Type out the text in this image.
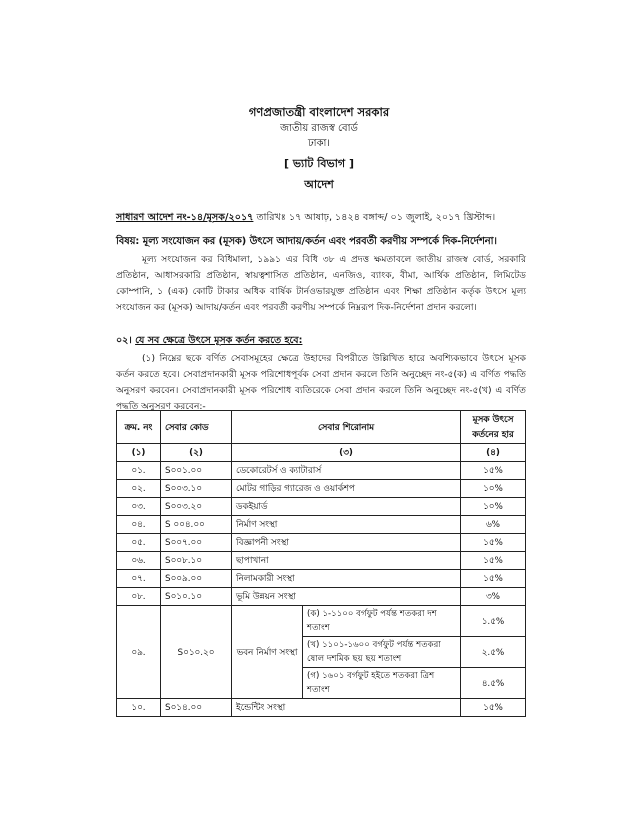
গণপ্রজাতন্ত্রী বাংলাদেশ সরকার
জাতীয় রাজস্ব বোর্ড
ঢাকা।
[ ভ্যাট বিভাগ ]
আদেশ
সাধারণ আদেশ নং-১৪/মূসক/২০১৭ তারিখঃ ১৭ আষাঢ়, ১৪২৪ বঙ্গাব্দ/ ০১ জুলাই, ২০১৭ খ্রিস্টাব্দ।
বিষয়: মূল্য সংযোজন কর (মূসক) উৎসে আদায়/কর্তন এবং পরবর্তী করণীয় সম্পর্কে দিক-নির্দেশনা।
মূল্য সংযোজন কর বিধিমালা, ১৯৯১ এর বিধি ৩৮ এ প্রদত্ত ক্ষমতাবলে জাতীয় রাজস্ব বোর্ড, সরকারি প্রতিষ্ঠান, আধাসরকারি প্রতিষ্ঠান, স্বায়ত্বশাসিত প্রতিষ্ঠান, এনজিও, ব্যাংক, বীমা, আর্থিক প্রতিষ্ঠান, লিমিটেড কোম্পানি, ১ (এক) কোটি টাকার অধিক বার্ষিক টার্নওভারযুক্ত প্রতিষ্ঠান এবং শিক্ষা প্রতিষ্ঠান কর্তৃক উৎসে মূল্য সংযোজন কর (মূসক) আদায়/কর্তন এবং পরবর্তী করণীয় সম্পর্কে নিম্নরূপ দিক-নির্দেশনা প্রদান করলো।
০২। যে সব ক্ষেত্রে উৎসে মূসক কর্তন করতে হবে:
(১) নিম্নের ছকে বর্ণিত সেবাসমূহের ক্ষেত্রে উহাদের বিপরীতে উল্লিখিত হারে অবশ্যিকভাবে উৎসে মূসক কর্তন করতে হবে। সেবাপ্রদানকারী মূসক পরিশোধপূর্বক সেবা প্রদান করলে তিনি অনুচ্ছেদ নং-৫(ক) এ বর্ণিত পদ্ধতি অনুসরণ করবেন। সেবাপ্রদানকারী মূসক পরিশোধ ব্যতিরেকে সেবা প্রদান করলে তিনি অনুচ্ছেদ নং-৫(খ) এ বর্ণিত পদ্ধতি অনুসরণ করবেন:-
ক্রম. নং	সেবার কোড	সেবার শিরোনাম		মূসক উৎসে কর্তনের হার
(১)	(২)	(৩)		(৪)
০১.	S০০১.০০	ডেকোরেটর্স ও ক্যাটারার্স		১৫%
০২.	S০০৩.১০	মোটর গাড়ির গ্যারেজ ও ওয়ার্কশপ		১০%
০৩.	S০০৩.২০	ডকইয়ার্ড		১০%
০৪.	S ০০৪.০০	নির্মাণ সংস্থা		৬%
০৫.	S০০৭.০০	বিজ্ঞাপনী সংস্থা		১৫%
০৬.	S০০৮.১০	ছাপাখানা		১৫%
০৭.	S০০৯.০০	নিলামকারী সংস্থা		১৫%
০৮.	S০১০.১০	ভূমি উন্নয়ন সংস্থা		৩%
০৯.	S০১০.২০	ভবন নির্মাণ সংস্থা	(ক) ১-১১০০ বর্গফুট পর্যন্ত শতকরা দশ শতাংশ	১.৫%
			(খ) ১১০১-১৬০০ বর্গফুট পর্যন্ত শতকরা ষোল দশমিক ছয় ছয় শতাংশ	২.৫%
			(গ) ১৬০১ বর্গফুট হইতে শতকরা ত্রিশ শতাংশ	৪.৫%
১০.	S০১৪.০০	ইন্ডেন্টিং সংস্থা		১৫%
